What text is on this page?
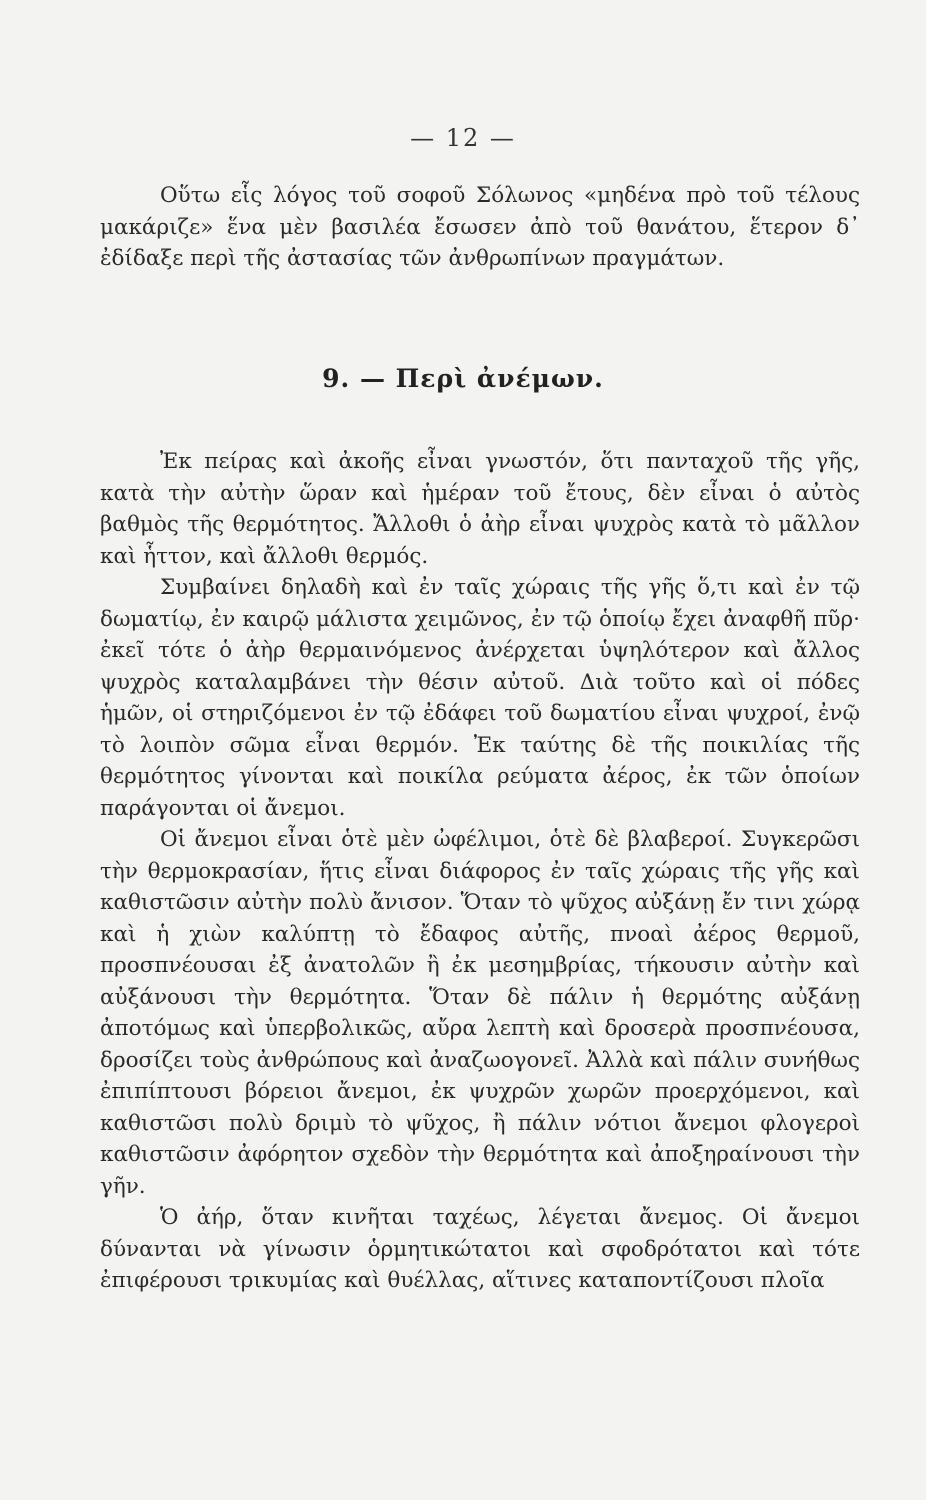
— 12 —

Οὕτω εἷς λόγος τοῦ σοφοῦ Σόλωνος «μηδένα πρὸ τοῦ τέλους μακάριζε» ἕνα μὲν βασιλέα ἔσωσεν ἀπὸ τοῦ θανάτου, ἕτερον δ᾿ ἐδίδαξε περὶ τῆς ἀστασίας τῶν ἀνθρωπίνων πραγμάτων.

9. — Περὶ ἀνέμων.

Ἐκ πείρας καὶ ἀκοῆς εἶναι γνωστόν, ὅτι πανταχοῦ τῆς γῆς, κατὰ τὴν αὐτὴν ὥραν καὶ ἡμέραν τοῦ ἔτους, δὲν εἶναι ὁ αὐτὸς βαθμὸς τῆς θερμότητος. Ἄλλοθι ὁ ἀὴρ εἶναι ψυχρὸς κατὰ τὸ μᾶλλον καὶ ἧττον, καὶ ἄλλοθι θερμός.

Συμβαίνει δηλαδὴ καὶ ἐν ταῖς χώραις τῆς γῆς ὅ,τι καὶ ἐν τῷ δωματίῳ, ἐν καιρῷ μάλιστα χειμῶνος, ἐν τῷ ὁποίῳ ἔχει ἀναφθῆ πῦρ· ἐκεῖ τότε ὁ ἀὴρ θερμαινόμενος ἀνέρχεται ὑψηλότερον καὶ ἄλλος ψυχρὸς καταλαμβάνει τὴν θέσιν αὐτοῦ. Διὰ τοῦτο καὶ οἱ πόδες ἡμῶν, οἱ στηριζόμενοι ἐν τῷ ἐδάφει τοῦ δωματίου εἶναι ψυχροί, ἐνῷ τὸ λοιπὸν σῶμα εἶναι θερμόν. Ἐκ ταύτης δὲ τῆς ποικιλίας τῆς θερμότητος γίνονται καὶ ποικίλα ρεύματα ἀέρος, ἐκ τῶν ὁποίων παράγονται οἱ ἄνεμοι.

Οἱ ἄνεμοι εἶναι ὁτὲ μὲν ὠφέλιμοι, ὁτὲ δὲ βλαβεροί. Συγκερῶσι τὴν θερμοκρασίαν, ἥτις εἶναι διάφορος ἐν ταῖς χώραις τῆς γῆς καὶ καθιστῶσιν αὐτὴν πολὺ ἄνισον. Ὅταν τὸ ψῦχος αὐξάνῃ ἔν τινι χώρᾳ καὶ ἡ χιὼν καλύπτῃ τὸ ἔδαφος αὐτῆς, πνοαὶ ἀέρος θερμοῦ, προσπνέουσαι ἐξ ἀνατολῶν ἢ ἐκ μεσημβρίας, τήκουσιν αὐτὴν καὶ αὐξάνουσι τὴν θερμότητα. Ὅταν δὲ πάλιν ἡ θερμότης αὐξάνῃ ἀποτόμως καὶ ὑπερβολικῶς, αὔρα λεπτὴ καὶ δροσερὰ προσπνέουσα, δροσίζει τοὺς ἀνθρώπους καὶ ἀναζωογονεῖ. Ἀλλὰ καὶ πάλιν συνήθως ἐπιπίπτουσι βόρειοι ἄνεμοι, ἐκ ψυχρῶν χωρῶν προερχόμενοι, καὶ καθιστῶσι πολὺ δριμὺ τὸ ψῦχος, ἢ πάλιν νότιοι ἄνεμοι φλογεροὶ καθιστῶσιν ἀφόρητον σχεδὸν τὴν θερμότητα καὶ ἀποξηραίνουσι τὴν γῆν.

Ὁ ἀήρ, ὅταν κινῆται ταχέως, λέγεται ἄνεμος. Οἱ ἄνεμοι δύνανται νὰ γίνωσιν ὁρμητικώτατοι καὶ σφοδρότατοι καὶ τότε ἐπιφέρουσι τρικυμίας καὶ θυέλλας, αἵτινες καταποντίζουσι πλοῖα
